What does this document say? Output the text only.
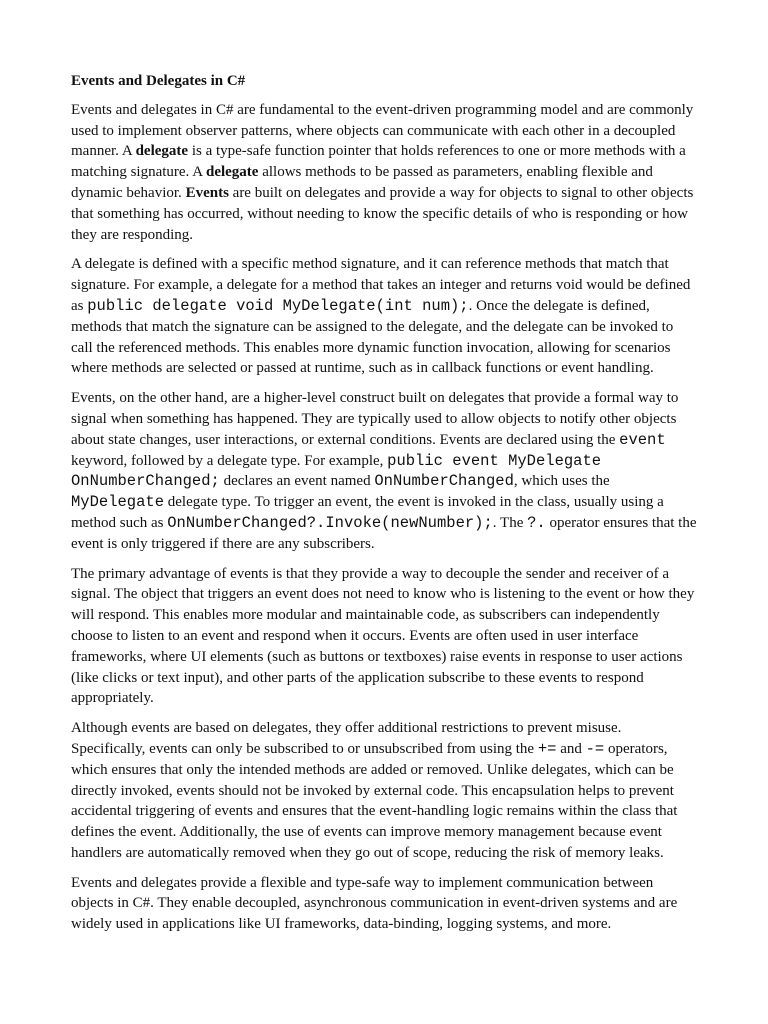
Events and Delegates in C#

Events and delegates in C# are fundamental to the event-driven programming model and are commonly used to implement observer patterns, where objects can communicate with each other in a decoupled manner. A delegate is a type-safe function pointer that holds references to one or more methods with a matching signature. A delegate allows methods to be passed as parameters, enabling flexible and dynamic behavior. Events are built on delegates and provide a way for objects to signal to other objects that something has occurred, without needing to know the specific details of who is responding or how they are responding.

A delegate is defined with a specific method signature, and it can reference methods that match that signature. For example, a delegate for a method that takes an integer and returns void would be defined as public delegate void MyDelegate(int num);. Once the delegate is defined, methods that match the signature can be assigned to the delegate, and the delegate can be invoked to call the referenced methods. This enables more dynamic function invocation, allowing for scenarios where methods are selected or passed at runtime, such as in callback functions or event handling.

Events, on the other hand, are a higher-level construct built on delegates that provide a formal way to signal when something has happened. They are typically used to allow objects to notify other objects about state changes, user interactions, or external conditions. Events are declared using the event keyword, followed by a delegate type. For example, public event MyDelegate OnNumberChanged; declares an event named OnNumberChanged, which uses the MyDelegate delegate type. To trigger an event, the event is invoked in the class, usually using a method such as OnNumberChanged?.Invoke(newNumber);. The ?. operator ensures that the event is only triggered if there are any subscribers.

The primary advantage of events is that they provide a way to decouple the sender and receiver of a signal. The object that triggers an event does not need to know who is listening to the event or how they will respond. This enables more modular and maintainable code, as subscribers can independently choose to listen to an event and respond when it occurs. Events are often used in user interface frameworks, where UI elements (such as buttons or textboxes) raise events in response to user actions (like clicks or text input), and other parts of the application subscribe to these events to respond appropriately.

Although events are based on delegates, they offer additional restrictions to prevent misuse. Specifically, events can only be subscribed to or unsubscribed from using the += and -= operators, which ensures that only the intended methods are added or removed. Unlike delegates, which can be directly invoked, events should not be invoked by external code. This encapsulation helps to prevent accidental triggering of events and ensures that the event-handling logic remains within the class that defines the event. Additionally, the use of events can improve memory management because event handlers are automatically removed when they go out of scope, reducing the risk of memory leaks.

Events and delegates provide a flexible and type-safe way to implement communication between objects in C#. They enable decoupled, asynchronous communication in event-driven systems and are widely used in applications like UI frameworks, data-binding, logging systems, and more.
